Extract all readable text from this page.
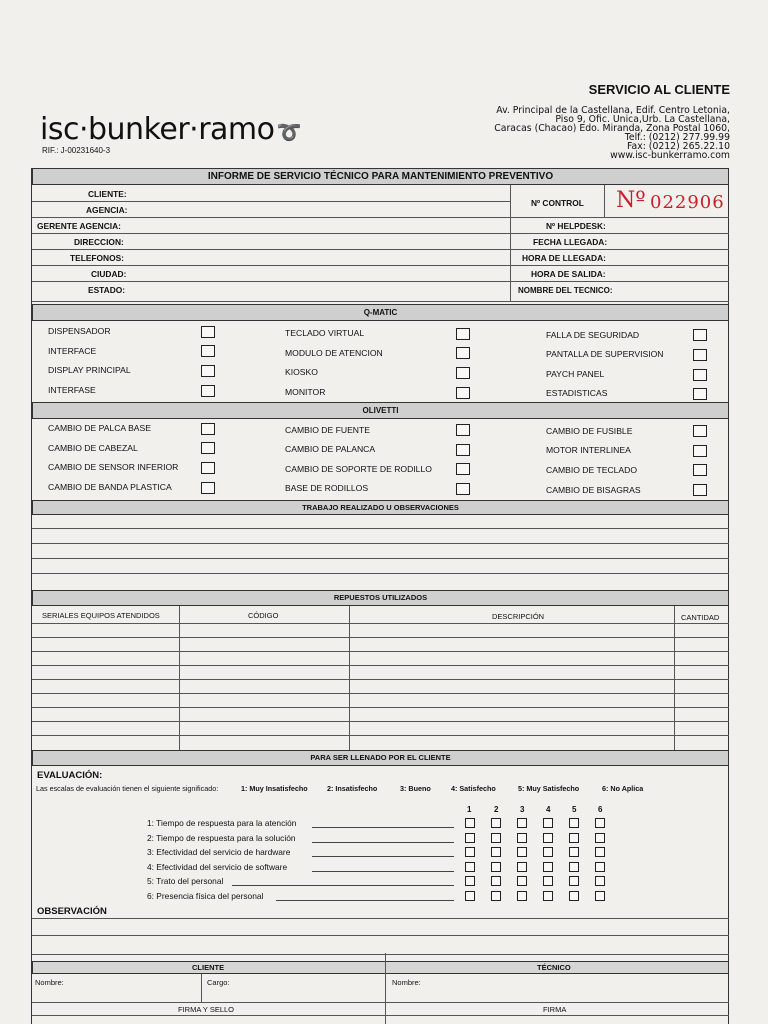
isc·bunker·ramo ➰
RIF.: J-00231640-3
SERVICIO AL CLIENTE
Av. Principal de la Castellana, Edif. Centro Letonia,
Piso 9, Ofic. Unica,Urb. La Castellana,
Caracas (Chacao) Edo. Miranda, Zona Postal 1060,
Telf.: (0212) 277.99.99
Fax: (0212) 265.22.10
www.isc-bunkerramo.com
INFORME DE SERVICIO TÉCNICO PARA MANTENIMIENTO PREVENTIVO
CLIENTE:
AGENCIA:
GERENTE AGENCIA:
DIRECCION:
TELEFONOS:
CIUDAD:
ESTADO:
Nº CONTROL Nº 022906
Nº HELPDESK:
FECHA LLEGADA:
HORA DE LLEGADA:
HORA DE SALIDA:
NOMBRE DEL TECNICO:
Q-MATIC
DISPENSADOR
INTERFACE
DISPLAY PRINCIPAL
INTERFASE
TECLADO VIRTUAL
MODULO DE ATENCION
KIOSKO
MONITOR
FALLA DE SEGURIDAD
PANTALLA DE SUPERVISION
PAYCH PANEL
ESTADISTICAS
OLIVETTI
CAMBIO DE PALCA BASE
CAMBIO DE CABEZAL
CAMBIO DE SENSOR INFERIOR
CAMBIO DE BANDA PLASTICA
CAMBIO DE FUENTE
CAMBIO DE PALANCA
CAMBIO DE SOPORTE DE RODILLO
BASE DE RODILLOS
CAMBIO DE FUSIBLE
MOTOR INTERLINEA
CAMBIO DE TECLADO
CAMBIO DE BISAGRAS
TRABAJO REALIZADO U OBSERVACIONES
REPUESTOS UTILIZADOS
SERIALES EQUIPOS ATENDIDOS	CÓDIGO	DESCRIPCIÓN	CANTIDAD
PARA SER LLENADO POR EL CLIENTE
EVALUACIÓN:
Las escalas de evaluación tienen el siguiente significado:	1: Muy Insatisfecho	2: Insatisfecho	3: Bueno	4: Satisfecho	5: Muy Satisfecho	6: No Aplica
1	2	3	4	5	6
1: Tiempo de respuesta para la atención
2: Tiempo de respuesta para la solución
3: Efectividad del servicio de hardware
4: Efectividad del servicio de software
5: Trato del personal
6: Presencia física del personal
OBSERVACIÓN
CLIENTE	TÉCNICO
Nombre:	Cargo:	Nombre:
FIRMA Y SELLO	FIRMA
